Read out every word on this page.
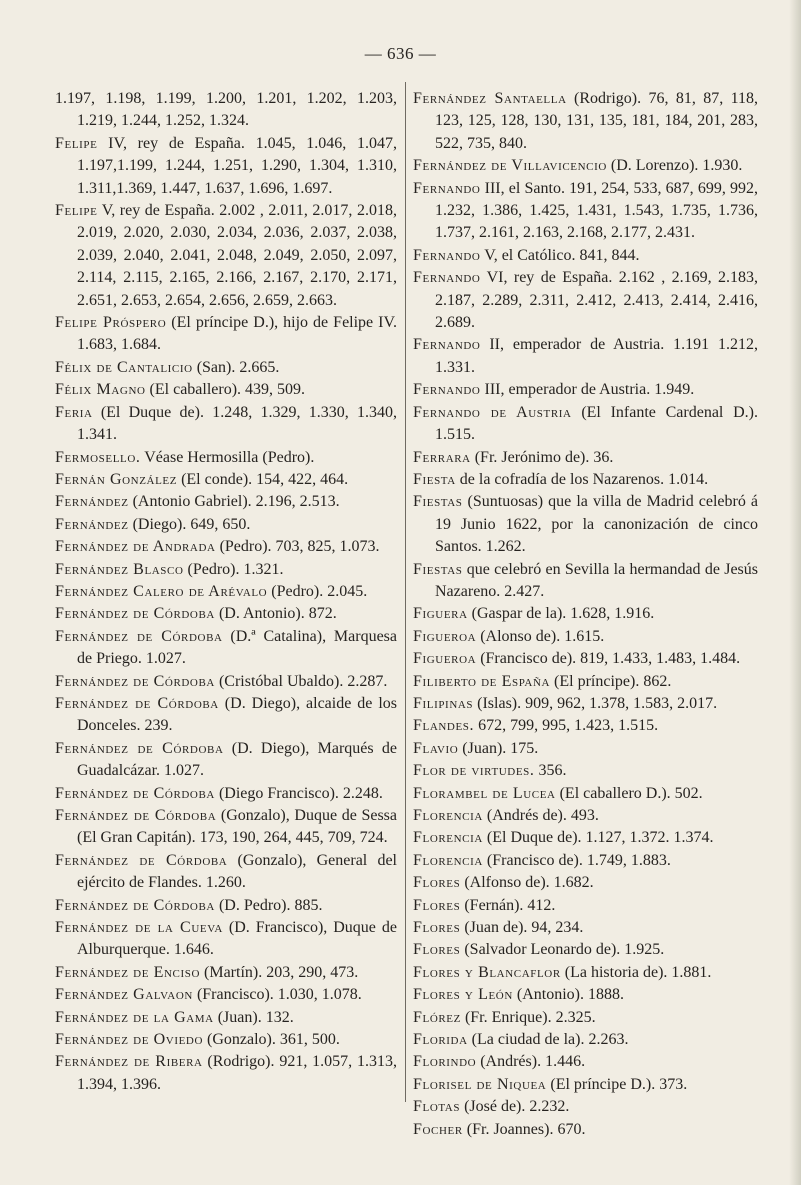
— 636 —

1.197, 1.198, 1.199, 1.200, 1.201, 1.202, 1.203, 1.219, 1.244, 1.252, 1.324.

Felipe IV, rey de España. 1.045, 1.046, 1.047, 1.197,1.199, 1.244, 1.251, 1.290, 1.304, 1.310, 1.311,1.369, 1.447, 1.637, 1.696, 1.697.

Felipe V, rey de España. 2.002 , 2.011, 2.017, 2.018, 2.019, 2.020, 2.030, 2.034, 2.036, 2.037, 2.038, 2.039, 2.040, 2.041, 2.048, 2.049, 2.050, 2.097, 2.114, 2.115, 2.165, 2.166, 2.167, 2.170, 2.171, 2.651, 2.653, 2.654, 2.656, 2.659, 2.663.

Felipe Próspero (El príncipe D.), hijo de Felipe IV. 1.683, 1.684.

Félix de Cantalicio (San). 2.665.

Félix Magno (El caballero). 439, 509.

Feria (El Duque de). 1.248, 1.329, 1.330, 1.340, 1.341.

Fermosello. Véase Hermosilla (Pedro).

Fernán González (El conde). 154, 422, 464.

Fernández (Antonio Gabriel). 2.196, 2.513.

Fernández (Diego). 649, 650.

Fernández de Andrada (Pedro). 703, 825, 1.073.

Fernández Blasco (Pedro). 1.321.

Fernández Calero de Arévalo (Pedro). 2.045.

Fernández de Córdoba (D. Antonio). 872.

Fernández de Córdoba (D.ª Catalina), Marquesa de Priego. 1.027.

Fernández de Córdoba (Cristóbal Ubaldo). 2.287.

Fernández de Córdoba (D. Diego), alcaide de los Donceles. 239.

Fernández de Córdoba (D. Diego), Marqués de Guadalcázar. 1.027.

Fernández de Córdoba (Diego Francisco). 2.248.

Fernández de Córdoba (Gonzalo), Duque de Sessa (El Gran Capitán). 173, 190, 264, 445, 709, 724.

Fernández de Córdoba (Gonzalo), General del ejército de Flandes. 1.260.

Fernández de Córdoba (D. Pedro). 885.

Fernández de la Cueva (D. Francisco), Duque de Alburquerque. 1.646.

Fernández de Enciso (Martín). 203, 290, 473.

Fernández Galvaon (Francisco). 1.030, 1.078.

Fernández de la Gama (Juan). 132.

Fernández de Oviedo (Gonzalo). 361, 500.

Fernández de Ribera (Rodrigo). 921, 1.057, 1.313, 1.394, 1.396.

Fernández Santaella (Rodrigo). 76, 81, 87, 118, 123, 125, 128, 130, 131, 135, 181, 184, 201, 283, 522, 735, 840.

Fernández de Villavicencio (D. Lorenzo). 1.930.

Fernando III, el Santo. 191, 254, 533, 687, 699, 992, 1.232, 1.386, 1.425, 1.431, 1.543, 1.735, 1.736, 1.737, 2.161, 2.163, 2.168, 2.177, 2.431.

Fernando V, el Católico. 841, 844.

Fernando VI, rey de España. 2.162 , 2.169, 2.183, 2.187, 2.289, 2.311, 2.412, 2.413, 2.414, 2.416, 2.689.

Fernando II, emperador de Austria. 1.191 1.212, 1.331.

Fernando III, emperador de Austria. 1.949.

Fernando de Austria (El Infante Cardenal D.). 1.515.

Ferrara (Fr. Jerónimo de). 36.

Fiesta de la cofradía de los Nazarenos. 1.014.

Fiestas (Suntuosas) que la villa de Madrid celebró á 19 Junio 1622, por la canonización de cinco Santos. 1.262.

Fiestas que celebró en Sevilla la hermandad de Jesús Nazareno. 2.427.

Figuera (Gaspar de la). 1.628, 1.916.

Figueroa (Alonso de). 1.615.

Figueroa (Francisco de). 819, 1.433, 1.483, 1.484.

Filiberto de España (El príncipe). 862.

Filipinas (Islas). 909, 962, 1.378, 1.583, 2.017.

Flandes. 672, 799, 995, 1.423, 1.515.

Flavio (Juan). 175.

Flor de virtudes. 356.

Florambel de Lucea (El caballero D.). 502.

Florencia (Andrés de). 493.

Florencia (El Duque de). 1.127, 1.372. 1.374.

Florencia (Francisco de). 1.749, 1.883.

Flores (Alfonso de). 1.682.

Flores (Fernán). 412.

Flores (Juan de). 94, 234.

Flores (Salvador Leonardo de). 1.925.

Flores y Blancaflor (La historia de). 1.881.

Flores y León (Antonio). 1888.

Flórez (Fr. Enrique). 2.325.

Florida (La ciudad de la). 2.263.

Florindo (Andrés). 1.446.

Florisel de Niquea (El príncipe D.). 373.

Flotas (José de). 2.232.

Focher (Fr. Joannes). 670.
